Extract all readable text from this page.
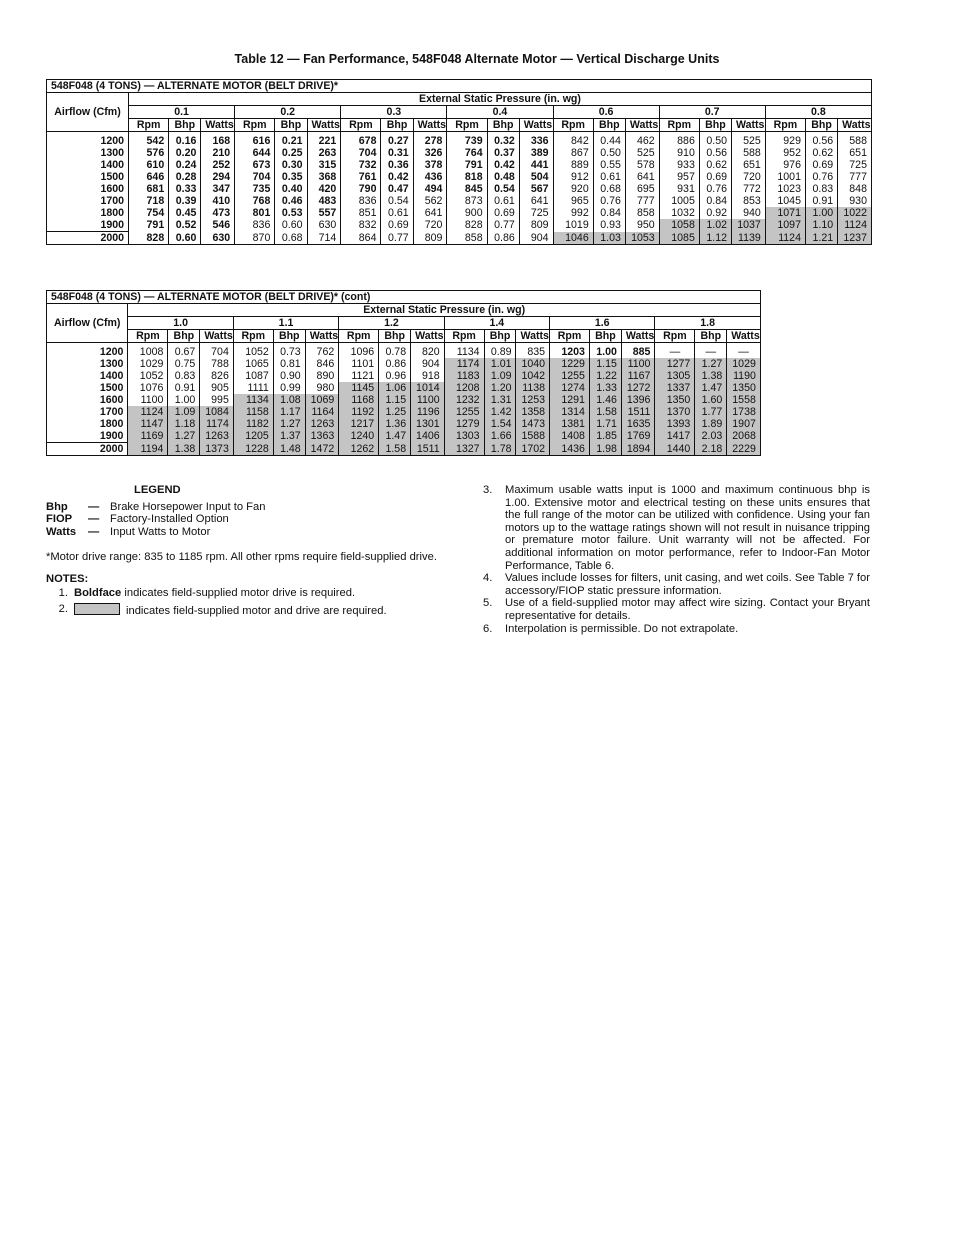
Table 12 — Fan Performance, 548F048 Alternate Motor — Vertical Discharge Units
548F048 (4 TONS) — ALTERNATE MOTOR (BELT DRIVE)*																					
Airflow (Cfm)	External Static Pressure (in. wg)																				
	0.1			0.2			0.3			0.4			0.6			0.7			0.8		
	Rpm	Bhp	Watts	Rpm	Bhp	Watts	Rpm	Bhp	Watts	Rpm	Bhp	Watts	Rpm	Bhp	Watts	Rpm	Bhp	Watts	Rpm	Bhp	Watts
1200	542	0.16	168	616	0.21	221	678	0.27	278	739	0.32	336	842	0.44	462	886	0.50	525	929	0.56	588
1300	576	0.20	210	644	0.25	263	704	0.31	326	764	0.37	389	867	0.50	525	910	0.56	588	952	0.62	651
1400	610	0.24	252	673	0.30	315	732	0.36	378	791	0.42	441	889	0.55	578	933	0.62	651	976	0.69	725
1500	646	0.28	294	704	0.35	368	761	0.42	436	818	0.48	504	912	0.61	641	957	0.69	720	1001	0.76	777
1600	681	0.33	347	735	0.40	420	790	0.47	494	845	0.54	567	920	0.68	695	931	0.76	772	1023	0.83	848
1700	718	0.39	410	768	0.46	483	836	0.54	562	873	0.61	641	965	0.76	777	1005	0.84	853	1045	0.91	930
1800	754	0.45	473	801	0.53	557	851	0.61	641	900	0.69	725	992	0.84	858	1032	0.92	940	1071	1.00	1022
1900	791	0.52	546	836	0.60	630	832	0.69	720	828	0.77	809	1019	0.93	950	1058	1.02	1037	1097	1.10	1124
2000	828	0.60	630	870	0.68	714	864	0.77	809	858	0.86	904	1046	1.03	1053	1085	1.12	1139	1124	1.21	1237
548F048 (4 TONS) — ALTERNATE MOTOR (BELT DRIVE)* (cont)																		
Airflow (Cfm)	External Static Pressure (in. wg)																	
	1.0			1.1			1.2			1.4			1.6			1.8		
	Rpm	Bhp	Watts	Rpm	Bhp	Watts	Rpm	Bhp	Watts	Rpm	Bhp	Watts	Rpm	Bhp	Watts	Rpm	Bhp	Watts
1200	1008	0.67	704	1052	0.73	762	1096	0.78	820	1134	0.89	835	1203	1.00	885	—	—	—
1300	1029	0.75	788	1065	0.81	846	1101	0.86	904	1174	1.01	1040	1229	1.15	1100	1277	1.27	1029
1400	1052	0.83	826	1087	0.90	890	1121	0.96	918	1183	1.09	1042	1255	1.22	1167	1305	1.38	1190
1500	1076	0.91	905	1111	0.99	980	1145	1.06	1014	1208	1.20	1138	1274	1.33	1272	1337	1.47	1350
1600	1100	1.00	995	1134	1.08	1069	1168	1.15	1100	1232	1.31	1253	1291	1.46	1396	1350	1.60	1558
1700	1124	1.09	1084	1158	1.17	1164	1192	1.25	1196	1255	1.42	1358	1314	1.58	1511	1370	1.77	1738
1800	1147	1.18	1174	1182	1.27	1263	1217	1.36	1301	1279	1.54	1473	1381	1.71	1635	1393	1.89	1907
1900	1169	1.27	1263	1205	1.37	1363	1240	1.47	1406	1303	1.66	1588	1408	1.85	1769	1417	2.03	2068
2000	1194	1.38	1373	1228	1.48	1472	1262	1.58	1511	1327	1.78	1702	1436	1.98	1894	1440	2.18	2229
LEGEND
Bhp	— Brake Horsepower Input to Fan
FIOP	— Factory-Installed Option
Watts	— Input Watts to Motor
*Motor drive range: 835 to 1185 rpm. All other rpms require field-supplied drive.
NOTES:
1. Boldface indicates field-supplied motor drive is required.
2.	indicates field-supplied motor and drive are required.
3.	Maximum usable watts input is 1000 and maximum continuous bhp is 1.00. Extensive motor and electrical testing on these units ensures that the full range of the motor can be utilized with confidence. Using your fan motors up to the wattage ratings shown will not result in nuisance tripping or premature motor failure. Unit warranty will not be affected. For additional information on motor performance, refer to Indoor-Fan Motor Performance, Table 6.
4.	Values include losses for filters, unit casing, and wet coils. See Table 7 for accessory/FIOP static pressure information.
5.	Use of a field-supplied motor may affect wire sizing. Contact your Bryant representative for details.
6.	Interpolation is permissible. Do not extrapolate.
